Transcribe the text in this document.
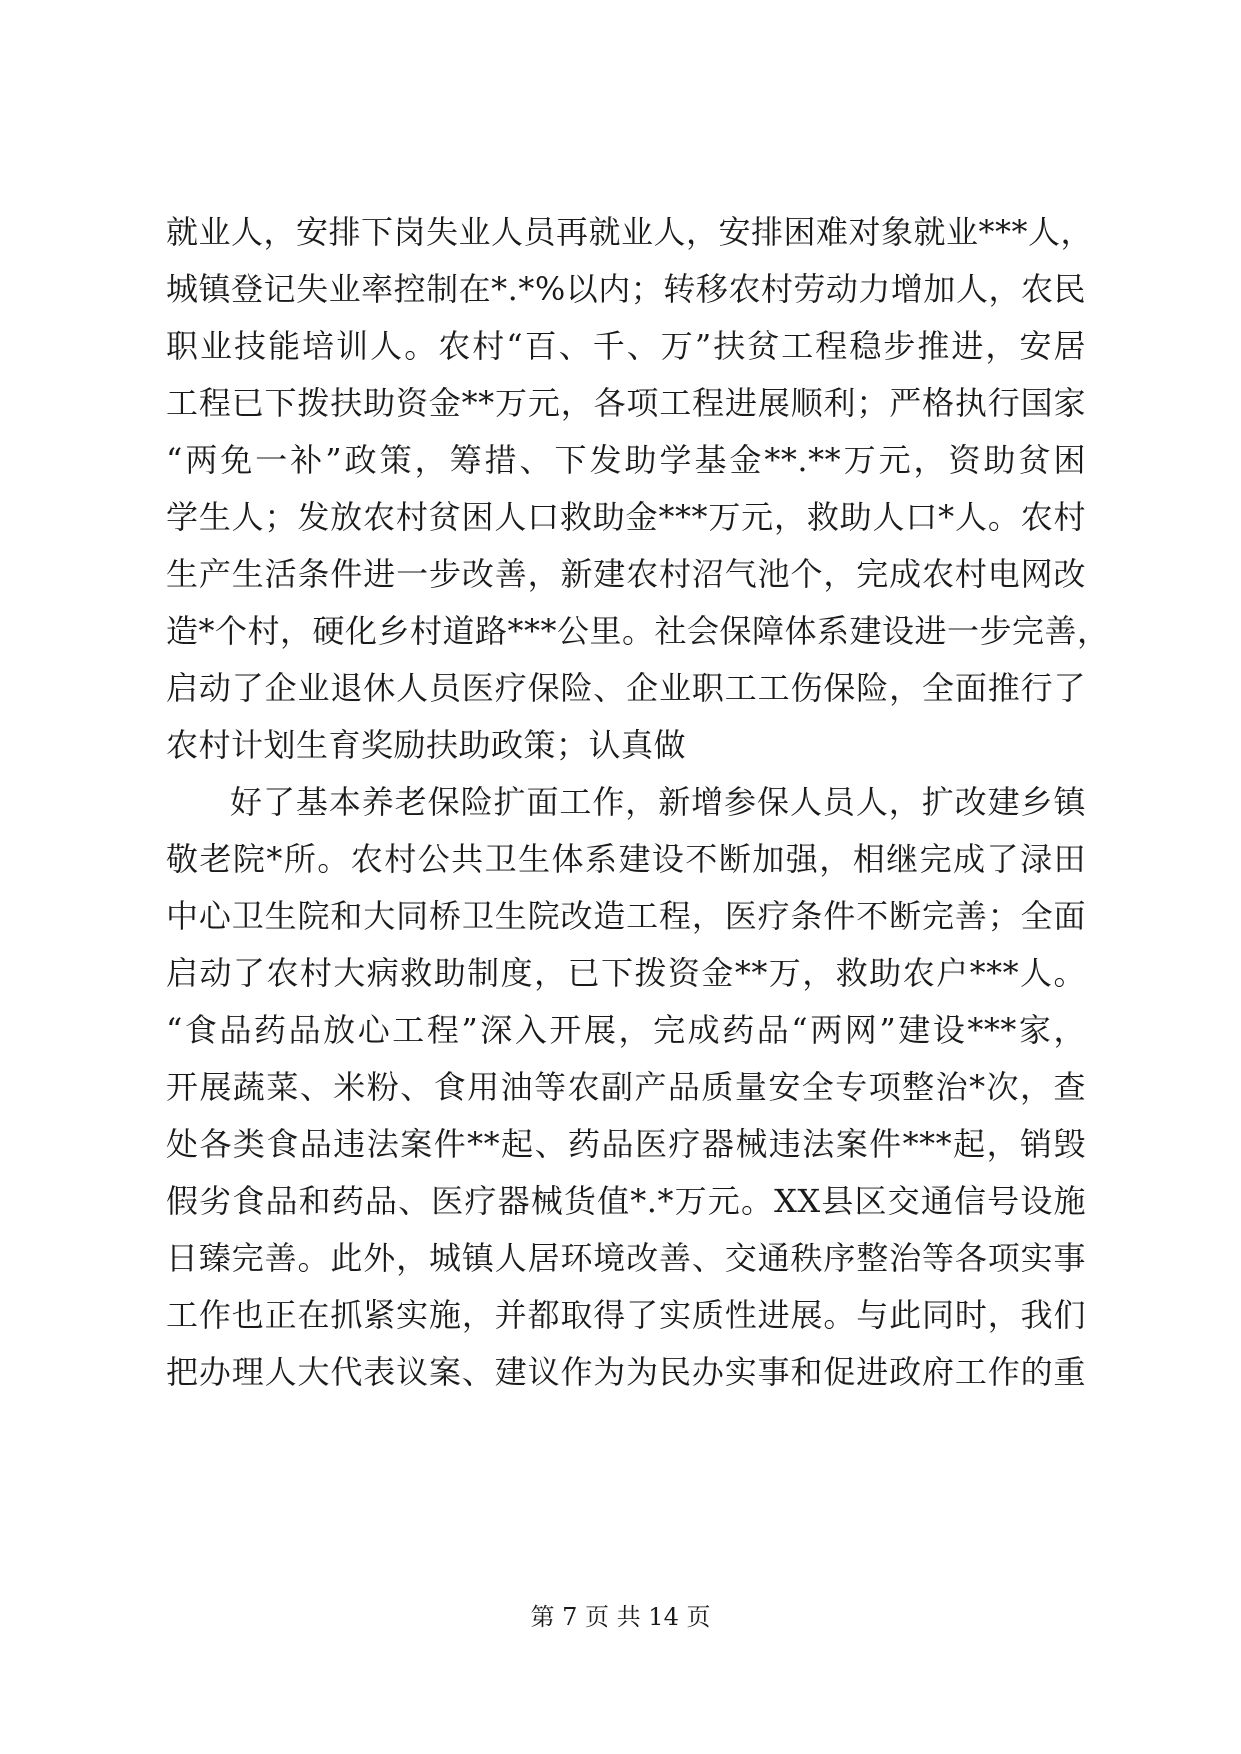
就业人，安排下岗失业人员再就业人，安排困难对象就业***人，
城镇登记失业率控制在*.*%以内；转移农村劳动力增加人，农民
职业技能培训人。农村“百、千、万”扶贫工程稳步推进，安居
工程已下拨扶助资金**万元，各项工程进展顺利；严格执行国家
“两免一补”政策，筹措、下发助学基金**.**万元，资助贫困
学生人；发放农村贫困人口救助金***万元，救助人口*人。农村
生产生活条件进一步改善，新建农村沼气池个，完成农村电网改
造*个村，硬化乡村道路***公里。社会保障体系建设进一步完善，
启动了企业退休人员医疗保险、企业职工工伤保险，全面推行了
农村计划生育奖励扶助政策；认真做
好了基本养老保险扩面工作，新增参保人员人，扩改建乡镇
敬老院*所。农村公共卫生体系建设不断加强，相继完成了渌田
中心卫生院和大同桥卫生院改造工程，医疗条件不断完善；全面
启动了农村大病救助制度，已下拨资金**万，救助农户***人。
“食品药品放心工程”深入开展，完成药品“两网”建设***家，
开展蔬菜、米粉、食用油等农副产品质量安全专项整治*次，查
处各类食品违法案件**起、药品医疗器械违法案件***起，销毁
假劣食品和药品、医疗器械货值*.*万元。XX县区交通信号设施
日臻完善。此外，城镇人居环境改善、交通秩序整治等各项实事
工作也正在抓紧实施，并都取得了实质性进展。与此同时，我们
把办理人大代表议案、建议作为为民办实事和促进政府工作的重
第 7 页 共 14 页
